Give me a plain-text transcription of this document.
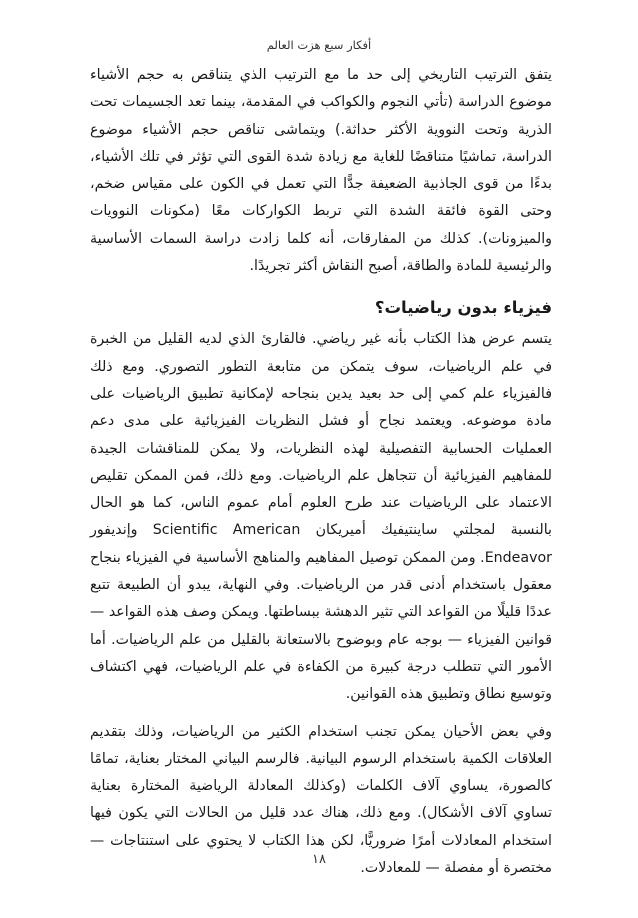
أفكار سبع هزت العالم

يتفق الترتيب التاريخي إلى حد ما مع الترتيب الذي يتناقص به حجم الأشياء موضوع الدراسة (تأتي النجوم والكواكب في المقدمة، بينما تعد الجسيمات تحت الذرية وتحت النووية الأكثر حداثة.) ويتماشى تناقص حجم الأشياء موضوع الدراسة، تماشيًا متناقضًا للغاية مع زيادة شدة القوى التي تؤثر في تلك الأشياء، بدءًا من قوى الجاذبية الضعيفة جدًّا التي تعمل في الكون على مقياس ضخم، وحتى القوة فائقة الشدة التي تربط الكواركات معًا (مكونات النوويات والميزونات). كذلك من المفارقات، أنه كلما زادت دراسة السمات الأساسية والرئيسية للمادة والطاقة، أصبح النقاش أكثر تجريدًا.

فيزياء بدون رياضيات؟

يتسم عرض هذا الكتاب بأنه غير رياضي. فالقارئ الذي لديه القليل من الخبرة في علم الرياضيات، سوف يتمكن من متابعة التطور التصوري. ومع ذلك فالفيزياء علم كمي إلى حد بعيد يدين بنجاحه لإمكانية تطبيق الرياضيات على مادة موضوعه. ويعتمد نجاح أو فشل النظريات الفيزيائية على مدى دعم العمليات الحسابية التفصيلية لهذه النظريات، ولا يمكن للمناقشات الجيدة للمفاهيم الفيزيائية أن تتجاهل علم الرياضيات. ومع ذلك، فمن الممكن تقليص الاعتماد على الرياضيات عند طرح العلوم أمام عموم الناس، كما هو الحال بالنسبة لمجلتي ساينتيفيك أميريكان Scientific American وإنديفور Endeavor. ومن الممكن توصيل المفاهيم والمناهج الأساسية في الفيزياء بنجاح معقول باستخدام أدنى قدر من الرياضيات. وفي النهاية، يبدو أن الطبيعة تتبع عددًا قليلًا من القواعد التي تثير الدهشة ببساطتها. ويمكن وصف هذه القواعد — قوانين الفيزياء — بوجه عام وبوضوح بالاستعانة بالقليل من علم الرياضيات. أما الأمور التي تتطلب درجة كبيرة من الكفاءة في علم الرياضيات، فهي اكتشاف وتوسيع نطاق وتطبيق هذه القوانين.

وفي بعض الأحيان يمكن تجنب استخدام الكثير من الرياضيات، وذلك بتقديم العلاقات الكمية باستخدام الرسوم البيانية. فالرسم البياني المختار بعناية، تمامًا كالصورة، يساوي آلاف الكلمات (وكذلك المعادلة الرياضية المختارة بعناية تساوي آلاف الأشكال). ومع ذلك، هناك عدد قليل من الحالات التي يكون فيها استخدام المعادلات أمرًا ضروريًّا، لكن هذا الكتاب لا يحتوي على استنتاجات — مختصرة أو مفصلة — للمعادلات.

١٨
